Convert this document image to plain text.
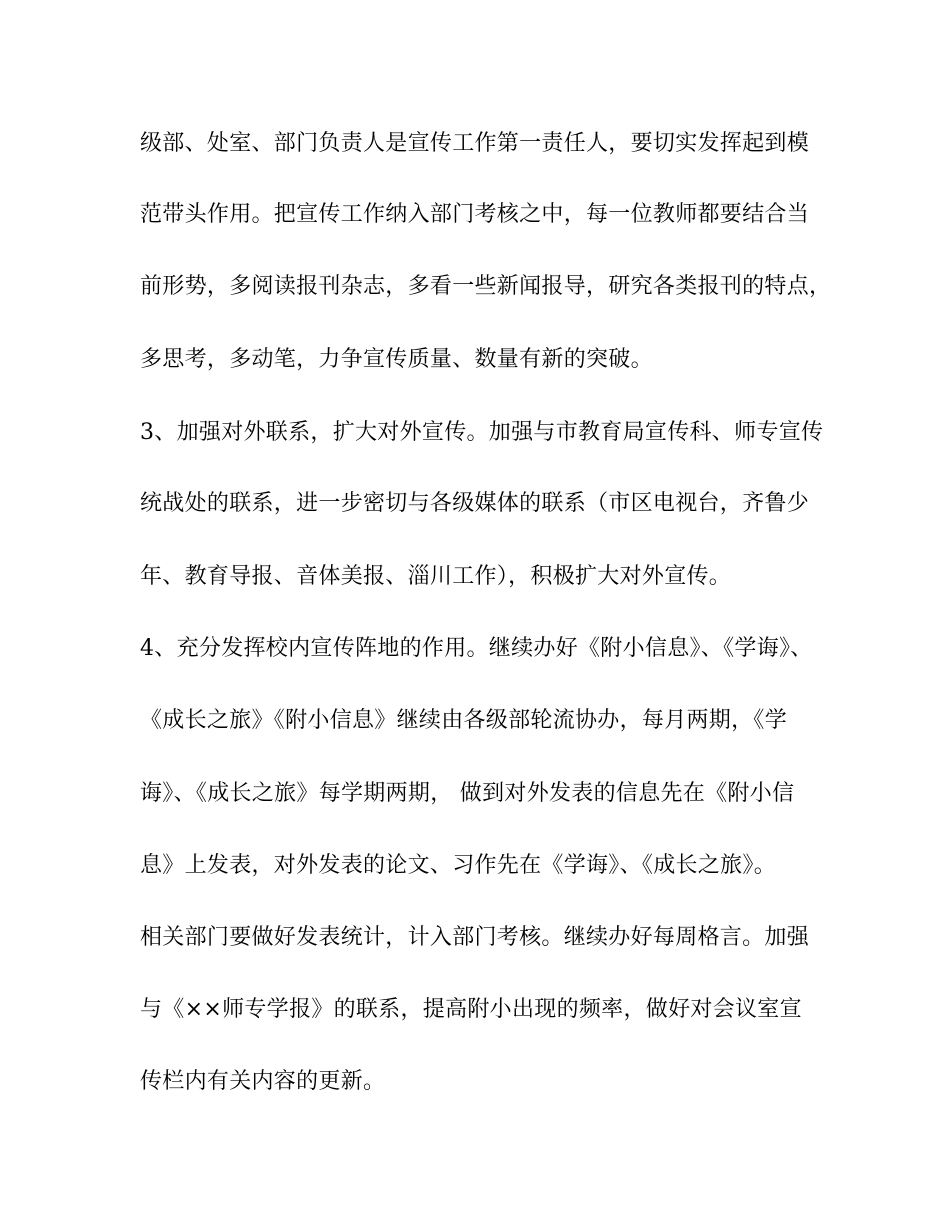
级部、处室、部门负责人是宣传工作第一责任人，要切实发挥起到模

范带头作用。把宣传工作纳入部门考核之中，每一位教师都要结合当

前形势，多阅读报刊杂志，多看一些新闻报导，研究各类报刊的特点，

多思考，多动笔，力争宣传质量、数量有新的突破。

3、加强对外联系，扩大对外宣传。加强与市教育局宣传科、师专宣传

统战处的联系，进一步密切与各级媒体的联系（市区电视台，齐鲁少

年、教育导报、音体美报、淄川工作），积极扩大对外宣传。

4、充分发挥校内宣传阵地的作用。继续办好《附小信息》、《学诲》、

《成长之旅》《附小信息》继续由各级部轮流协办，每月两期，《学

诲》、《成长之旅》每学期两期， 做到对外发表的信息先在《附小信

息》上发表，对外发表的论文、习作先在《学诲》、《成长之旅》。

相关部门要做好发表统计，计入部门考核。继续办好每周格言。加强

与《××师专学报》的联系，提高附小出现的频率，做好对会议室宣

传栏内有关内容的更新。
